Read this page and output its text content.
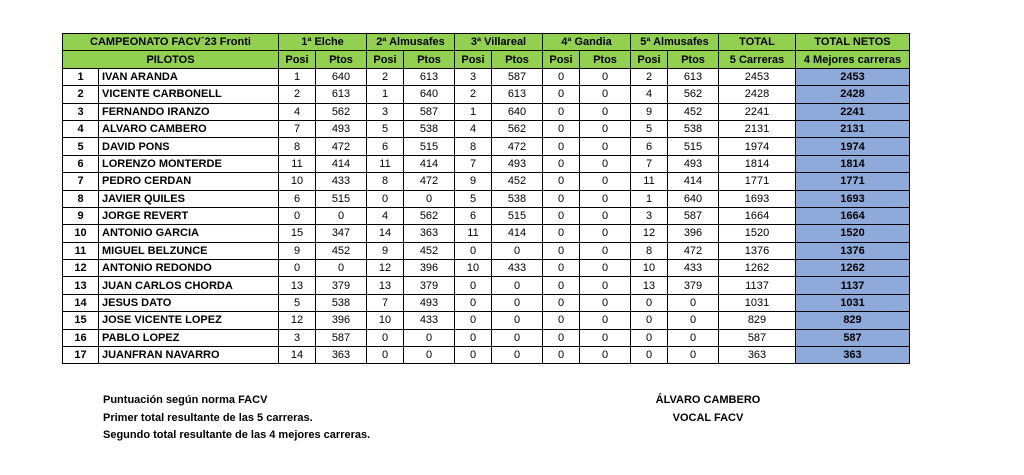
CAMPEONATO FACV´23 Fronti		1ª Elche		2ª Almusafes		3ª Villareal		4ª Gandia		5ª Almusafes		TOTAL	TOTAL NETOS
PILOTOS		Posi	Ptos	Posi	Ptos	Posi	Ptos	Posi	Ptos	Posi	Ptos	5 Carreras	4 Mejores carreras
1	IVAN ARANDA	1	640	2	613	3	587	0	0	2	613	2453	2453
2	VICENTE CARBONELL	2	613	1	640	2	613	0	0	4	562	2428	2428
3	FERNANDO IRANZO	4	562	3	587	1	640	0	0	9	452	2241	2241
4	ALVARO CAMBERO	7	493	5	538	4	562	0	0	5	538	2131	2131
5	DAVID PONS	8	472	6	515	8	472	0	0	6	515	1974	1974
6	LORENZO MONTERDE	11	414	11	414	7	493	0	0	7	493	1814	1814
7	PEDRO CERDAN	10	433	8	472	9	452	0	0	11	414	1771	1771
8	JAVIER QUILES	6	515	0	0	5	538	0	0	1	640	1693	1693
9	JORGE REVERT	0	0	4	562	6	515	0	0	3	587	1664	1664
10	ANTONIO GARCIA	15	347	14	363	11	414	0	0	12	396	1520	1520
11	MIGUEL BELZUNCE	9	452	9	452	0	0	0	0	8	472	1376	1376
12	ANTONIO REDONDO	0	0	12	396	10	433	0	0	10	433	1262	1262
13	JUAN CARLOS CHORDA	13	379	13	379	0	0	0	0	13	379	1137	1137
14	JESUS DATO	5	538	7	493	0	0	0	0	0	0	1031	1031
15	JOSE VICENTE LOPEZ	12	396	10	433	0	0	0	0	0	0	829	829
16	PABLO LOPEZ	3	587	0	0	0	0	0	0	0	0	587	587
17	JUANFRAN NAVARRO	14	363	0	0	0	0	0	0	0	0	363	363
Puntuación según norma FACV
Primer total resultante de las 5 carreras.
Segundo total resultante de las 4 mejores carreras.
ÁLVARO CAMBERO
VOCAL FACV
